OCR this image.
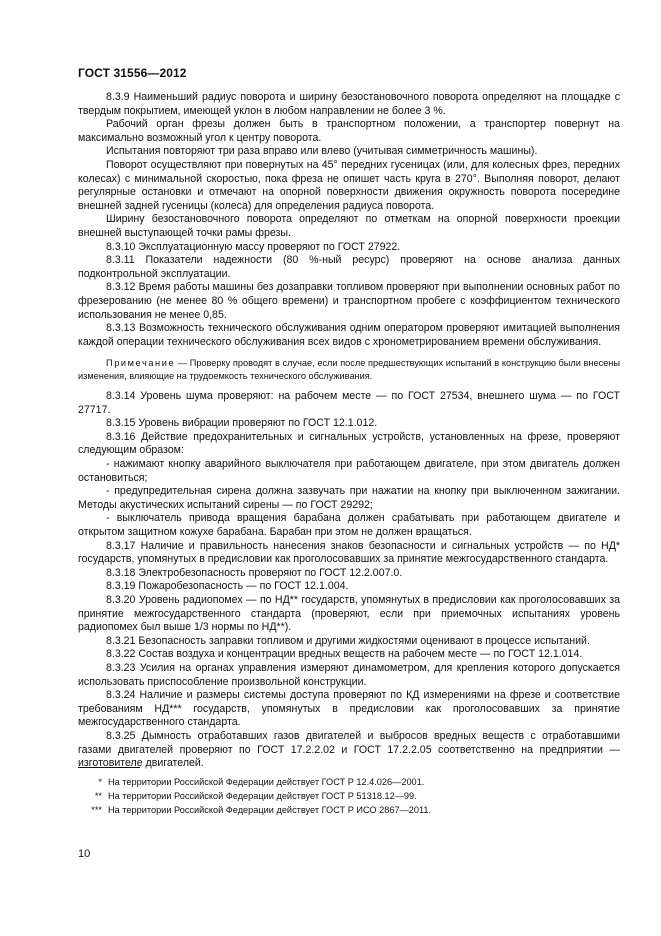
ГОСТ 31556—2012

8.3.9 Наименьший радиус поворота и ширину безостановочного поворота определяют на площадке с твердым покрытием, имеющей уклон в любом направлении не более 3 %.

Рабочий орган фрезы должен быть в транспортном положении, а транспортер повернут на максимально возможный угол к центру поворота.

Испытания повторяют три раза вправо или влево (учитывая симметричность машины).

Поворот осуществляют при повернутых на 45° передних гусеницах (или, для колесных фрез, передних колесах) с минимальной скоростью, пока фреза не опишет часть круга в 270°. Выполняя поворот, делают регулярные остановки и отмечают на опорной поверхности движения окружность поворота посередине внешней задней гусеницы (колеса) для определения радиуса поворота.

Ширину безостановочного поворота определяют по отметкам на опорной поверхности проекции внешней выступающей точки рамы фрезы.

8.3.10 Эксплуатационную массу проверяют по ГОСТ 27922.

8.3.11 Показатели надежности (80 %-ный ресурс) проверяют на основе анализа данных подконтрольной эксплуатации.

8.3.12 Время работы машины без дозаправки топливом проверяют при выполнении основных работ по фрезерованию (не менее 80 % общего времени) и транспортном пробеге с коэффициентом технического использования не менее 0,85.

8.3.13 Возможность технического обслуживания одним оператором проверяют имитацией выполнения каждой операции технического обслуживания всех видов с хронометрированием времени обслуживания.

Примечание — Проверку проводят в случае, если после предшествующих испытаний в конструкцию были внесены изменения, влияющие на трудоемкость технического обслуживания.

8.3.14 Уровень шума проверяют: на рабочем месте — по ГОСТ 27534, внешнего шума — по ГОСТ 27717.

8.3.15 Уровень вибрации проверяют по ГОСТ 12.1.012.

8.3.16 Действие предохранительных и сигнальных устройств, установленных на фрезе, проверяют следующим образом:

- нажимают кнопку аварийного выключателя при работающем двигателе, при этом двигатель должен остановиться;

- предупредительная сирена должна зазвучать при нажатии на кнопку при выключенном зажигании. Методы акустических испытаний сирены — по ГОСТ 29292;

- выключатель привода вращения барабана должен срабатывать при работающем двигателе и открытом защитном кожухе барабана. Барабан при этом не должен вращаться.

8.3.17 Наличие и правильность нанесения знаков безопасности и сигнальных устройств — по НД* государств, упомянутых в предисловии как проголосовавших за принятие межгосударственного стандарта.

8.3.18 Электробезопасность проверяют по ГОСТ 12.2.007.0.

8.3.19 Пожаробезопасность — по ГОСТ 12.1.004.

8.3.20 Уровень радиопомех — по НД** государств, упомянутых в предисловии как проголосовавших за принятие межгосударственного стандарта (проверяют, если при приемочных испытаниях уровень радиопомех был выше 1/3 нормы по НД**).

8.3.21 Безопасность заправки топливом и другими жидкостями оценивают в процессе испытаний.

8.3.22 Состав воздуха и концентрации вредных веществ на рабочем месте — по ГОСТ 12.1.014.

8.3.23 Усилия на органах управления измеряют динамометром, для крепления которого допускается использовать приспособление произвольной конструкции.

8.3.24 Наличие и размеры системы доступа проверяют по КД измерениями на фрезе и соответствие требованиям НД*** государств, упомянутых в предисловии как проголосовавших за принятие межгосударственного стандарта.

8.3.25 Дымность отработавших газов двигателей и выбросов вредных веществ с отработавшими газами двигателей проверяют по ГОСТ 17.2.2.02 и ГОСТ 17.2.2.05 соответственно на предприятии — изготовителе двигателей.

* На территории Российской Федерации действует ГОСТ Р 12.4.026—2001.
** На территории Российской Федерации действует ГОСТ Р 51318.12—99.
*** На территории Российской Федерации действует ГОСТ Р ИСО 2867—2011.
10
